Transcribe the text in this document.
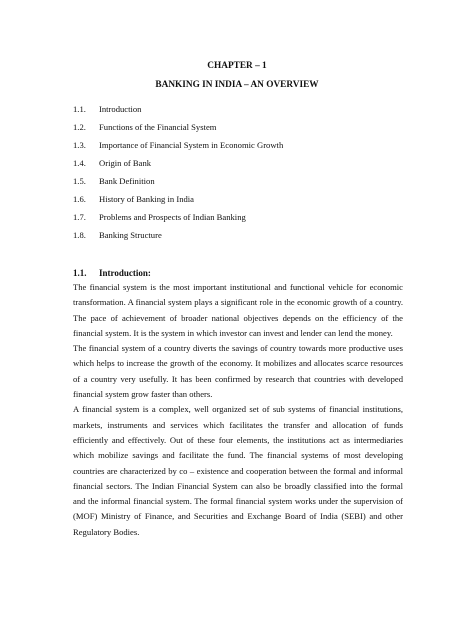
CHAPTER – 1
BANKING IN INDIA – AN OVERVIEW
1.1. Introduction
1.2. Functions of the Financial System
1.3. Importance of Financial System in Economic Growth
1.4. Origin of Bank
1.5. Bank Definition
1.6. History of Banking in India
1.7. Problems and Prospects of Indian Banking
1.8. Banking Structure
1.1. Introduction:

The financial system is the most important institutional and functional vehicle for economic transformation. A financial system plays a significant role in the economic growth of a country. The pace of achievement of broader national objectives depends on the efficiency of the financial system. It is the system in which investor can invest and lender can lend the money.

The financial system of a country diverts the savings of country towards more productive uses which helps to increase the growth of the economy. It mobilizes and allocates scarce resources of a country very usefully. It has been confirmed by research that countries with developed financial system grow faster than others.

A financial system is a complex, well organized set of sub systems of financial institutions, markets, instruments and services which facilitates the transfer and allocation of funds efficiently and effectively. Out of these four elements, the institutions act as intermediaries which mobilize savings and facilitate the fund. The financial systems of most developing countries are characterized by co – existence and cooperation between the formal and informal financial sectors. The Indian Financial System can also be broadly classified into the formal and the informal financial system. The formal financial system works under the supervision of (MOF) Ministry of Finance, and Securities and Exchange Board of India (SEBI) and other Regulatory Bodies.
